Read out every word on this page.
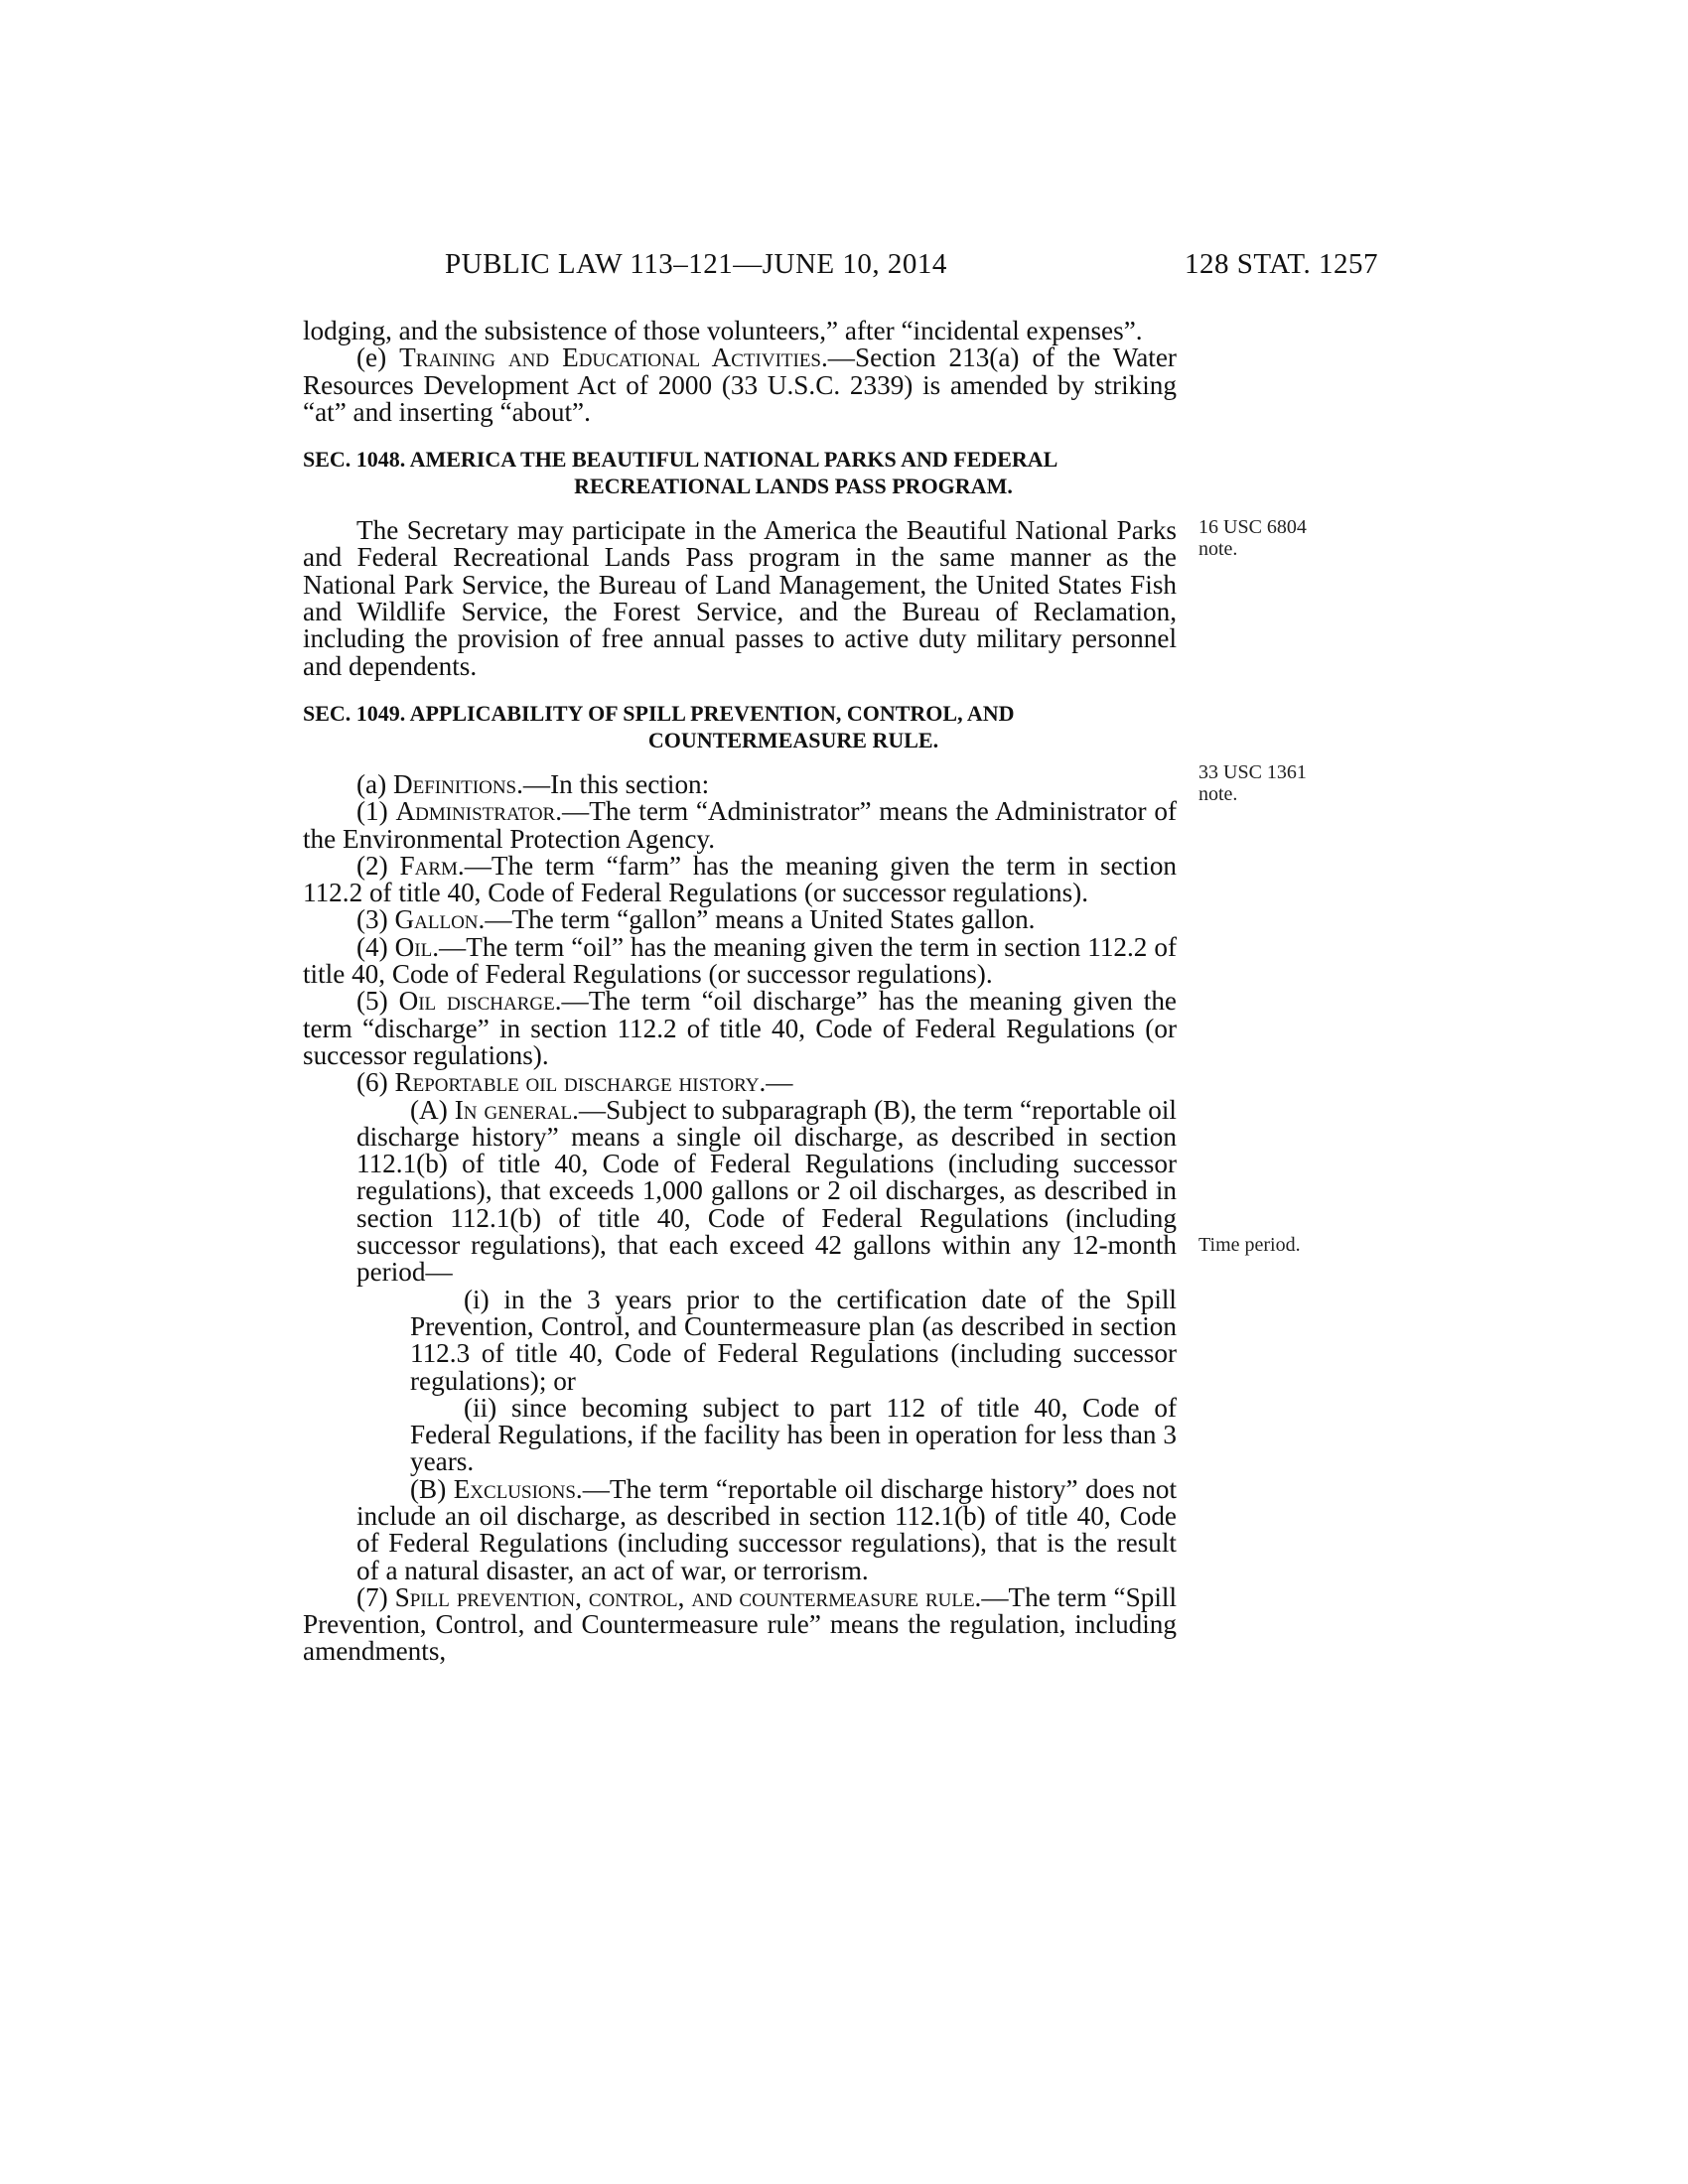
PUBLIC LAW 113–121—JUNE 10, 2014	128 STAT. 1257

lodging, and the subsistence of those volunteers,” after “incidental expenses”.

(e) Training and Educational Activities.—Section 213(a) of the Water Resources Development Act of 2000 (33 U.S.C. 2339) is amended by striking “at” and inserting “about”.

SEC. 1048. AMERICA THE BEAUTIFUL NATIONAL PARKS AND FEDERAL
RECREATIONAL LANDS PASS PROGRAM.

The Secretary may participate in the America the Beautiful National Parks and Federal Recreational Lands Pass program in the same manner as the National Park Service, the Bureau of Land Management, the United States Fish and Wildlife Service, the Forest Service, and the Bureau of Reclamation, including the provision of free annual passes to active duty military personnel and dependents.

SEC. 1049. APPLICABILITY OF SPILL PREVENTION, CONTROL, AND
COUNTERMEASURE RULE.

(a) Definitions.—In this section:

(1) Administrator.—The term “Administrator” means the Administrator of the Environmental Protection Agency.

(2) Farm.—The term “farm” has the meaning given the term in section 112.2 of title 40, Code of Federal Regulations (or successor regulations).

(3) Gallon.—The term “gallon” means a United States gallon.

(4) Oil.—The term “oil” has the meaning given the term in section 112.2 of title 40, Code of Federal Regulations (or successor regulations).

(5) Oil discharge.—The term “oil discharge” has the meaning given the term “discharge” in section 112.2 of title 40, Code of Federal Regulations (or successor regulations).

(6) Reportable oil discharge history.—

(A) In general.—Subject to subparagraph (B), the term “reportable oil discharge history” means a single oil discharge, as described in section 112.1(b) of title 40, Code of Federal Regulations (including successor regulations), that exceeds 1,000 gallons or 2 oil discharges, as described in section 112.1(b) of title 40, Code of Federal Regulations (including successor regulations), that each exceed 42 gallons within any 12-month period—

(i) in the 3 years prior to the certification date of the Spill Prevention, Control, and Countermeasure plan (as described in section 112.3 of title 40, Code of Federal Regulations (including successor regulations); or

(ii) since becoming subject to part 112 of title 40, Code of Federal Regulations, if the facility has been in operation for less than 3 years.

(B) Exclusions.—The term “reportable oil discharge history” does not include an oil discharge, as described in section 112.1(b) of title 40, Code of Federal Regulations (including successor regulations), that is the result of a natural disaster, an act of war, or terrorism.

(7) Spill prevention, control, and countermeasure rule.—The term “Spill Prevention, Control, and Countermeasure rule” means the regulation, including amendments,

16 USC 6804
note.
33 USC 1361
note.
Time period.
